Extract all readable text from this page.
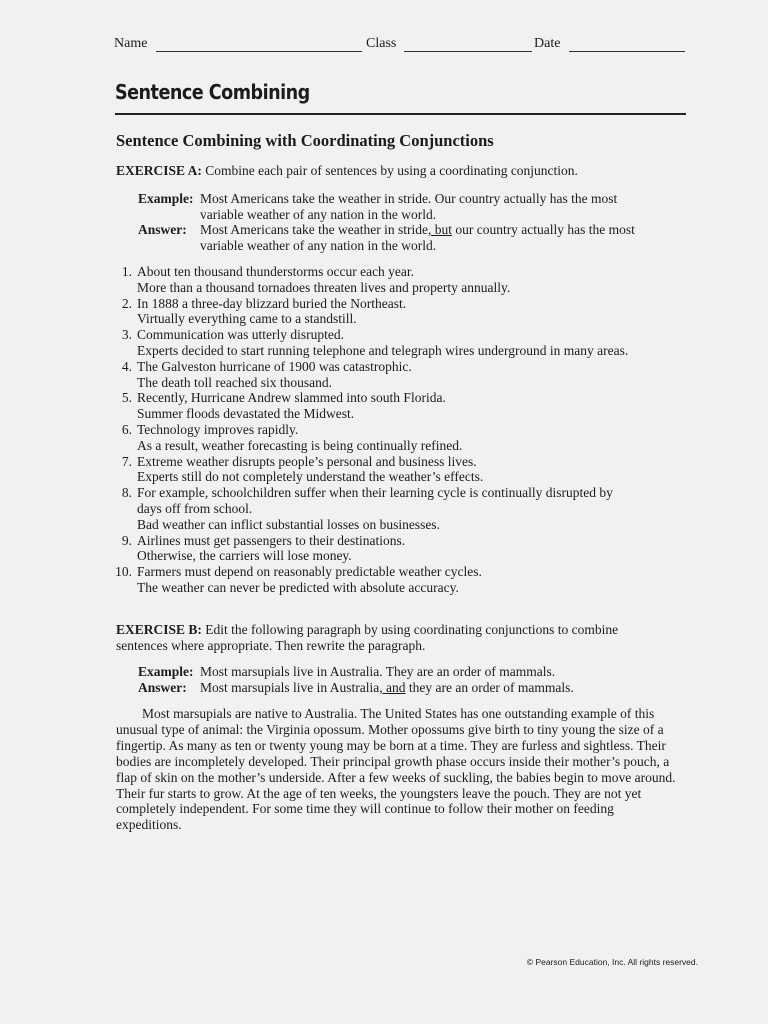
Name	Class	Date
Sentence Combining
Sentence Combining with Coordinating Conjunctions

EXERCISE A: Combine each pair of sentences by using a coordinating conjunction.

Example: Most Americans take the weather in stride. Our country actually has the most
variable weather of any nation in the world.
Answer: Most Americans take the weather in stride, but our country actually has the most
variable weather of any nation in the world.
1. About ten thousand thunderstorms occur each year.
More than a thousand tornadoes threaten lives and property annually.
2. In 1888 a three-day blizzard buried the Northeast.
Virtually everything came to a standstill.
3. Communication was utterly disrupted.
Experts decided to start running telephone and telegraph wires underground in many areas.
4. The Galveston hurricane of 1900 was catastrophic.
The death toll reached six thousand.
5. Recently, Hurricane Andrew slammed into south Florida.
Summer floods devastated the Midwest.
6. Technology improves rapidly.
As a result, weather forecasting is being continually refined.
7. Extreme weather disrupts people’s personal and business lives.
Experts still do not completely understand the weather’s effects.
8. For example, schoolchildren suffer when their learning cycle is continually disrupted by
days off from school.
Bad weather can inflict substantial losses on businesses.
9. Airlines must get passengers to their destinations.
Otherwise, the carriers will lose money.
10. Farmers must depend on reasonably predictable weather cycles.
The weather can never be predicted with absolute accuracy.

EXERCISE B: Edit the following paragraph by using coordinating conjunctions to combine
sentences where appropriate. Then rewrite the paragraph.

Example: Most marsupials live in Australia. They are an order of mammals.
Answer: Most marsupials live in Australia, and they are an order of mammals.

Most marsupials are native to Australia. The United States has one outstanding example of this unusual type of animal: the Virginia opossum. Mother opossums give birth to tiny young the size of a fingertip. As many as ten or twenty young may be born at a time. They are furless and sightless. Their bodies are incompletely developed. Their principal growth phase occurs inside their mother’s pouch, a flap of skin on the mother’s underside. After a few weeks of suckling, the babies begin to move around. Their fur starts to grow. At the age of ten weeks, the youngsters leave the pouch. They are not yet completely independent. For some time they will continue to follow their mother on feeding expeditions.

© Pearson Education, Inc. All rights reserved.
